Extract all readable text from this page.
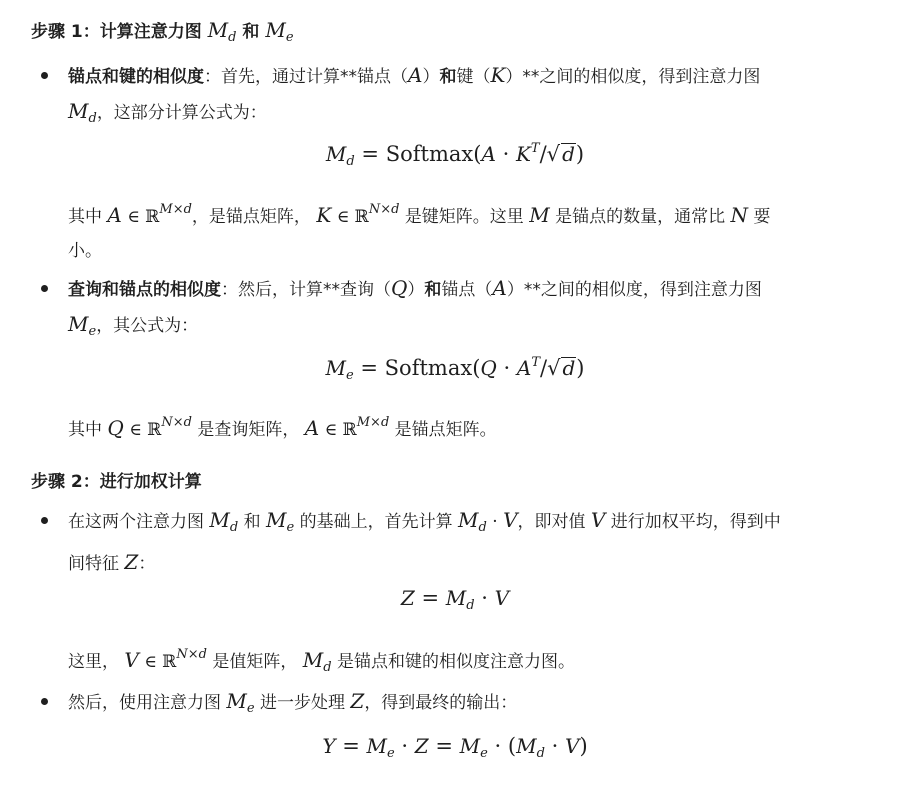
步骤 1：计算注意力图 $M_d$ 和 $M_e$
锚点和键的相似度：首先，通过计算**锚点（A）和键（K）**之间的相似度，得到注意力图
$M_d$，这部分计算公式为：
$M_d$ = Softmax(A · $K^T/√$ d)
其中 A ∈ ℝ$^{M\times d}$，是锚点矩阵， K ∈ ℝ$^{N\times d}$ 是键矩阵。这里 M 是锚点的数量，通常比 N 要
小。
查询和锚点的相似度：然后，计算**查询（Q）和锚点（A）**之间的相似度，得到注意力图
$M_e$，其公式为：
$M_e$ = Softmax(Q · $A^T/√$ d)
其中 Q ∈ ℝ$^{N\times d}$ 是查询矩阵， A ∈ ℝ$^{M\times d}$ 是锚点矩阵。
步骤 2：进行加权计算
在这两个注意力图 $M_d$ 和 $M_e$ 的基础上，首先计算 $M_d \cdot V$，即对值 V 进行加权平均，得到中
间特征 Z：
$Z = M_d \cdot V$
这里， V ∈ ℝ$^{N\times d}$ 是值矩阵， $M_d$ 是锚点和键的相似度注意力图。
然后，使用注意力图 $M_e$ 进一步处理 Z，得到最终的输出：
$Y = M_e \cdot Z = M_e \cdot (M_d \cdot V)$
